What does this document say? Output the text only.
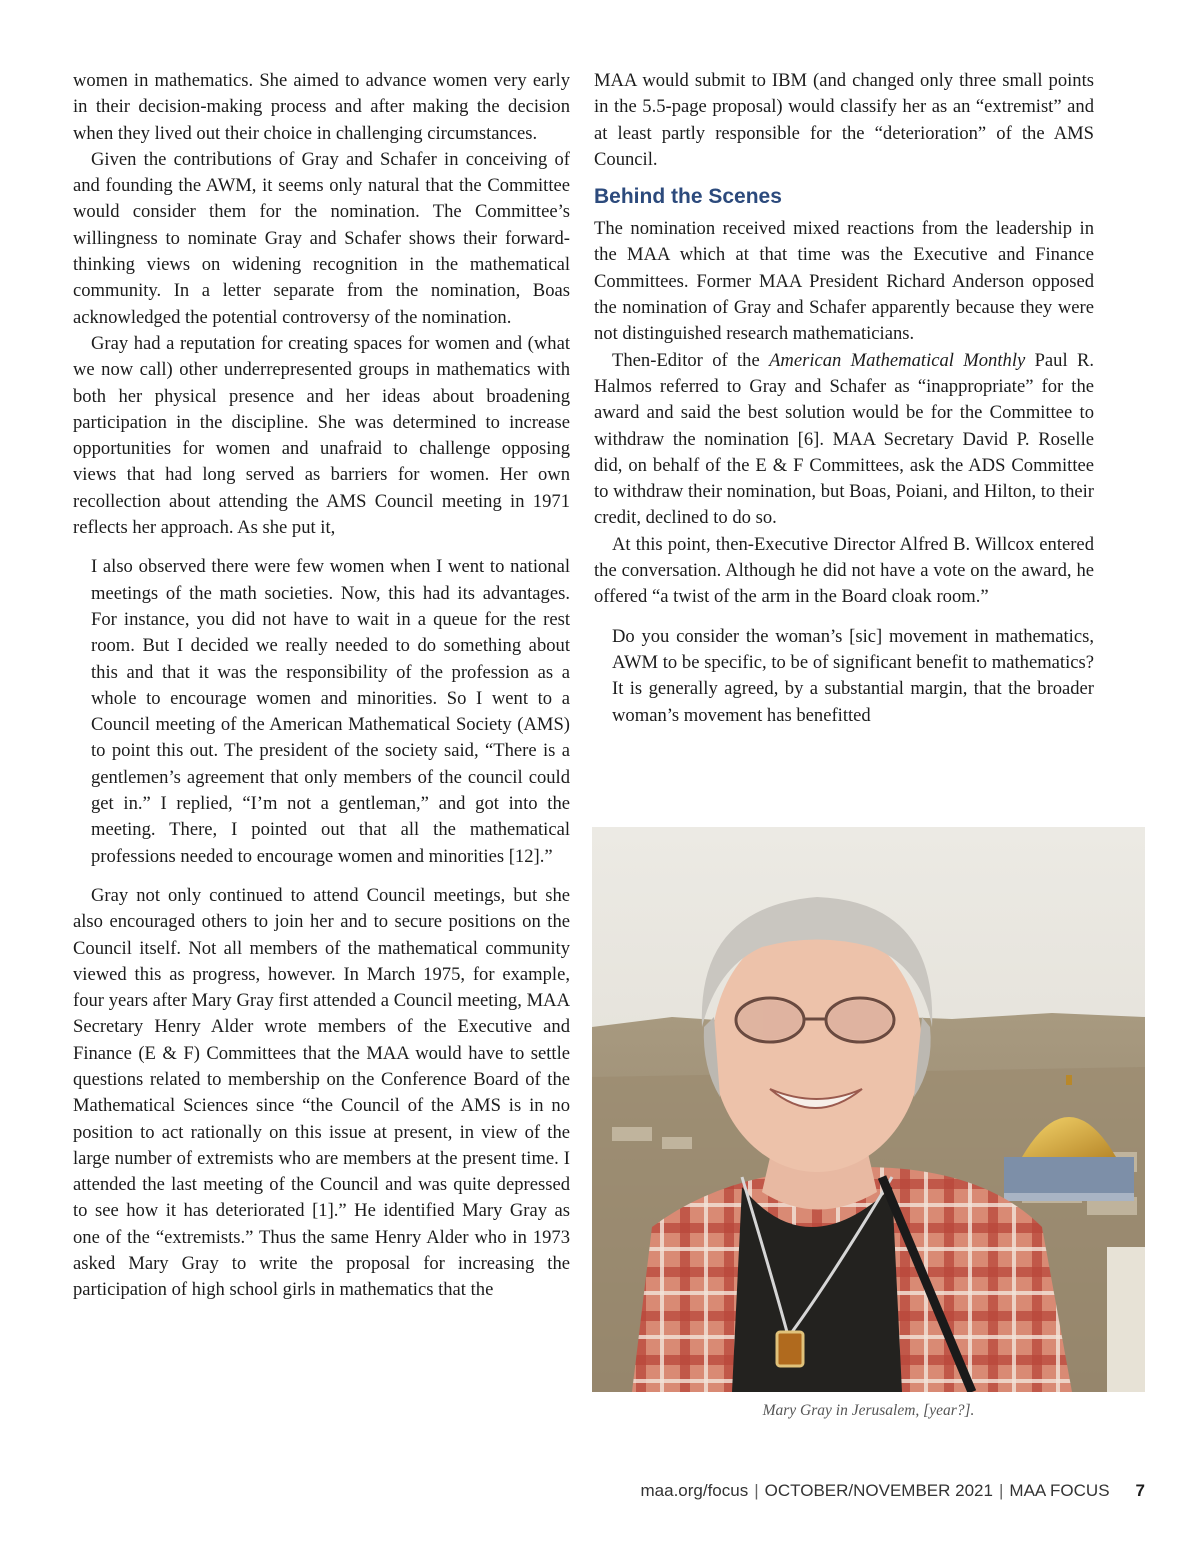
women in mathematics. She aimed to advance women very early in their decision-making process and after making the decision when they lived out their choice in challenging circumstances.

Given the contributions of Gray and Schafer in conceiving of and founding the AWM, it seems only natural that the Committee would consider them for the nomination. The Committee’s willingness to nominate Gray and Schafer shows their forward-thinking views on widening recognition in the mathematical community. In a letter separate from the nomination, Boas acknowledged the potential controversy of the nomination.

Gray had a reputation for creating spaces for women and (what we now call) other underrepresented groups in mathematics with both her physical presence and her ideas about broadening participation in the discipline. She was determined to increase opportunities for women and unafraid to challenge opposing views that had long served as barriers for women. Her own recollection about attending the AMS Council meeting in 1971 reflects her approach. As she put it,

I also observed there were few women when I went to national meetings of the math societies. Now, this had its advantages. For instance, you did not have to wait in a queue for the rest room. But I decided we really needed to do something about this and that it was the responsibility of the profession as a whole to encourage women and minorities. So I went to a Council meeting of the American Mathematical Society (AMS) to point this out. The president of the society said, “There is a gentlemen’s agreement that only members of the council could get in.” I replied, “I’m not a gentleman,” and got into the meeting. There, I pointed out that all the mathematical professions needed to encourage women and minorities [12].”

Gray not only continued to attend Council meetings, but she also encouraged others to join her and to secure positions on the Council itself. Not all members of the mathematical community viewed this as progress, however. In March 1975, for example, four years after Mary Gray first attended a Council meeting, MAA Secretary Henry Alder wrote members of the Executive and Finance (E & F) Committees that the MAA would have to settle questions related to membership on the Conference Board of the Mathematical Sciences since “the Council of the AMS is in no position to act rationally on this issue at present, in view of the large number of extremists who are members at the present time. I attended the last meeting of the Council and was quite depressed to see how it has deteriorated [1].” He identified Mary Gray as one of the “extremists.” Thus the same Henry Alder who in 1973 asked Mary Gray to write the proposal for increasing the participation of high school girls in mathematics that the

MAA would submit to IBM (and changed only three small points in the 5.5-page proposal) would classify her as an “extremist” and at least partly responsible for the “deterioration” of the AMS Council.

Behind the Scenes

The nomination received mixed reactions from the leadership in the MAA which at that time was the Executive and Finance Committees. Former MAA President Richard Anderson opposed the nomination of Gray and Schafer apparently because they were not distinguished research mathematicians.

Then-Editor of the American Mathematical Monthly Paul R. Halmos referred to Gray and Schafer as “inappropriate” for the award and said the best solution would be for the Committee to withdraw the nomination [6]. MAA Secretary David P. Roselle did, on behalf of the E & F Committees, ask the ADS Committee to withdraw their nomination, but Boas, Poiani, and Hilton, to their credit, declined to do so.

At this point, then-Executive Director Alfred B. Willcox entered the conversation. Although he did not have a vote on the award, he offered “a twist of the arm in the Board cloak room.”

Do you consider the woman’s [sic] movement in mathematics, AWM to be specific, to be of significant benefit to mathematics? It is generally agreed, by a substantial margin, that the broader woman’s movement has benefitted

Mary Gray in Jerusalem, [year?].
maa.org/focus | OCTOBER/NOVEMBER 2021 | MAA FOCUS 7
